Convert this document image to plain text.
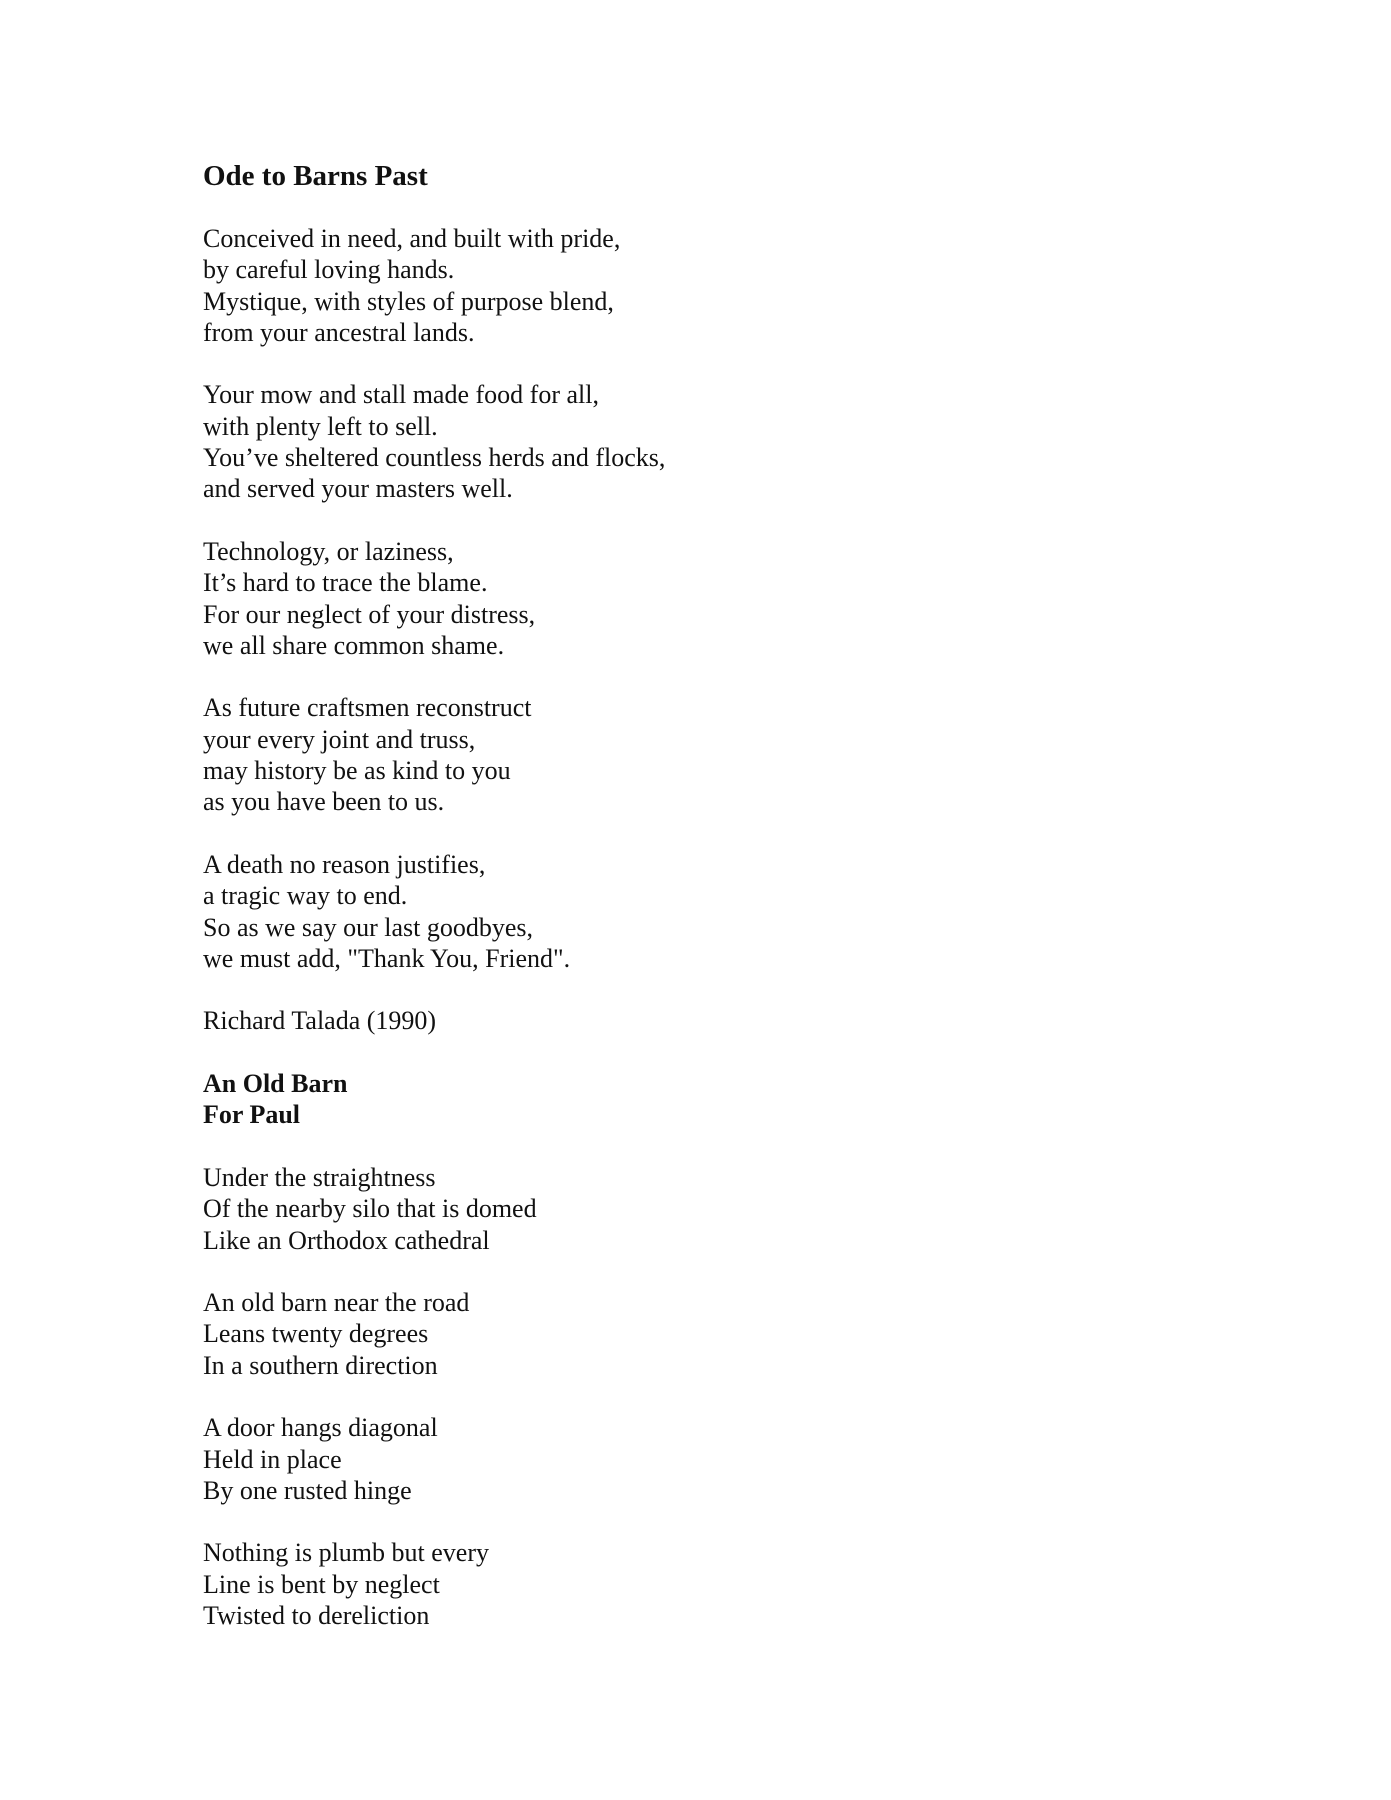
Ode to Barns Past
Conceived in need, and built with pride,
by careful loving hands.
Mystique, with styles of purpose blend,
from your ancestral lands.
Your mow and stall made food for all,
with plenty left to sell.
You’ve sheltered countless herds and flocks,
and served your masters well.
Technology, or laziness,
It’s hard to trace the blame.
For our neglect of your distress,
we all share common shame.
As future craftsmen reconstruct
your every joint and truss,
may history be as kind to you
as you have been to us.
A death no reason justifies,
a tragic way to end.
So as we say our last goodbyes,
we must add, "Thank You, Friend".
Richard Talada (1990)
An Old Barn
For Paul
Under the straightness
Of the nearby silo that is domed
Like an Orthodox cathedral
An old barn near the road
Leans twenty degrees
In a southern direction
A door hangs diagonal
Held in place
By one rusted hinge
Nothing is plumb but every
Line is bent by neglect
Twisted to dereliction
